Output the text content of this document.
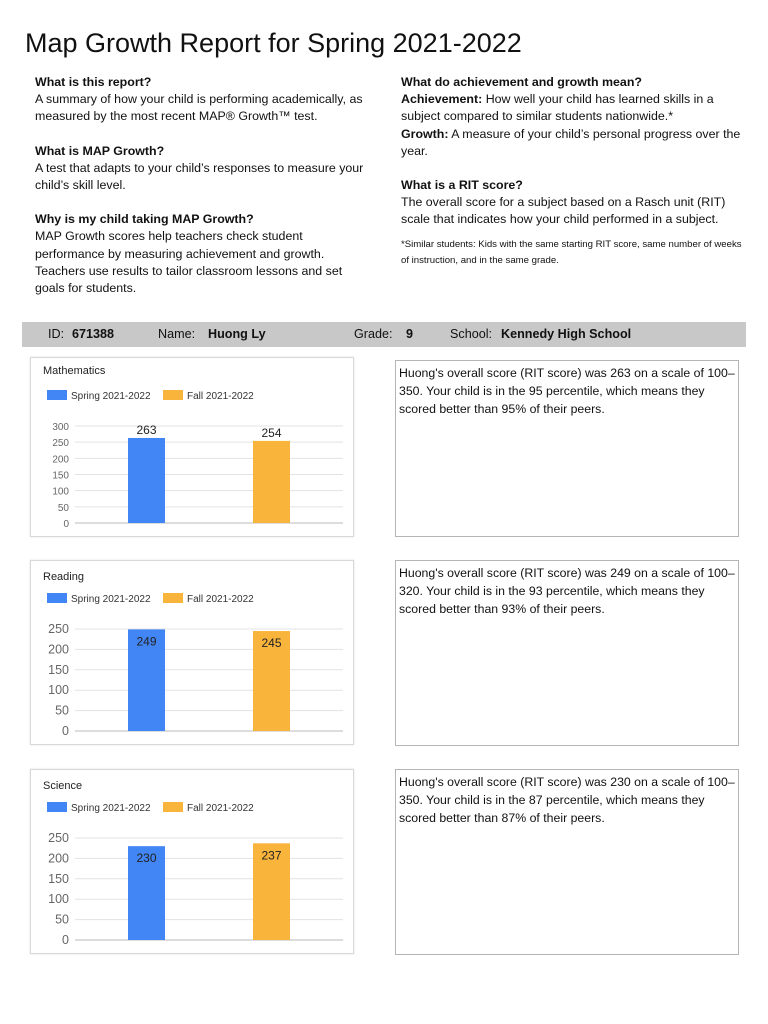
Map Growth Report for Spring 2021-2022
What is this report?
A summary of how your child is performing academically, as measured by the most recent MAP® Growth™ test.
What is MAP Growth?
A test that adapts to your child’s responses to measure your child’s skill level.
Why is my child taking MAP Growth?
MAP Growth scores help teachers check student performance by measuring achievement and growth. Teachers use results to tailor classroom lessons and set goals for students.
What do achievement and growth mean?
Achievement: How well your child has learned skills in a subject compared to similar students nationwide.*
Growth: A measure of your child’s personal progress over the year.
What is a RIT score?
The overall score for a subject based on a Rasch unit (RIT) scale that indicates how your child performed in a subject.
*Similar students: Kids with the same starting RIT score, same number of weeks of instruction, and in the same grade.
ID: 671388	Name: Huong Ly	Grade: 9	School: Kennedy High School
Mathematics
Spring 2021-2022	Fall 2021-2022
0
50
100
150
200
250
300	263	254
Reading
Spring 2021-2022	Fall 2021-2022
0
50
100
150
200
250
249	245
Science
Spring 2021-2022	Fall 2021-2022
0
50
100
150
200
250
230	237
Huong's overall score (RIT score) was 263 on a scale of 100–350. Your child is in the 95 percentile, which means they scored better than 95% of their peers.
Huong's overall score (RIT score) was 249 on a scale of 100–320. Your child is in the 93 percentile, which means they scored better than 93% of their peers.
Huong's overall score (RIT score) was 230 on a scale of 100–350. Your child is in the 87 percentile, which means they scored better than 87% of their peers.
